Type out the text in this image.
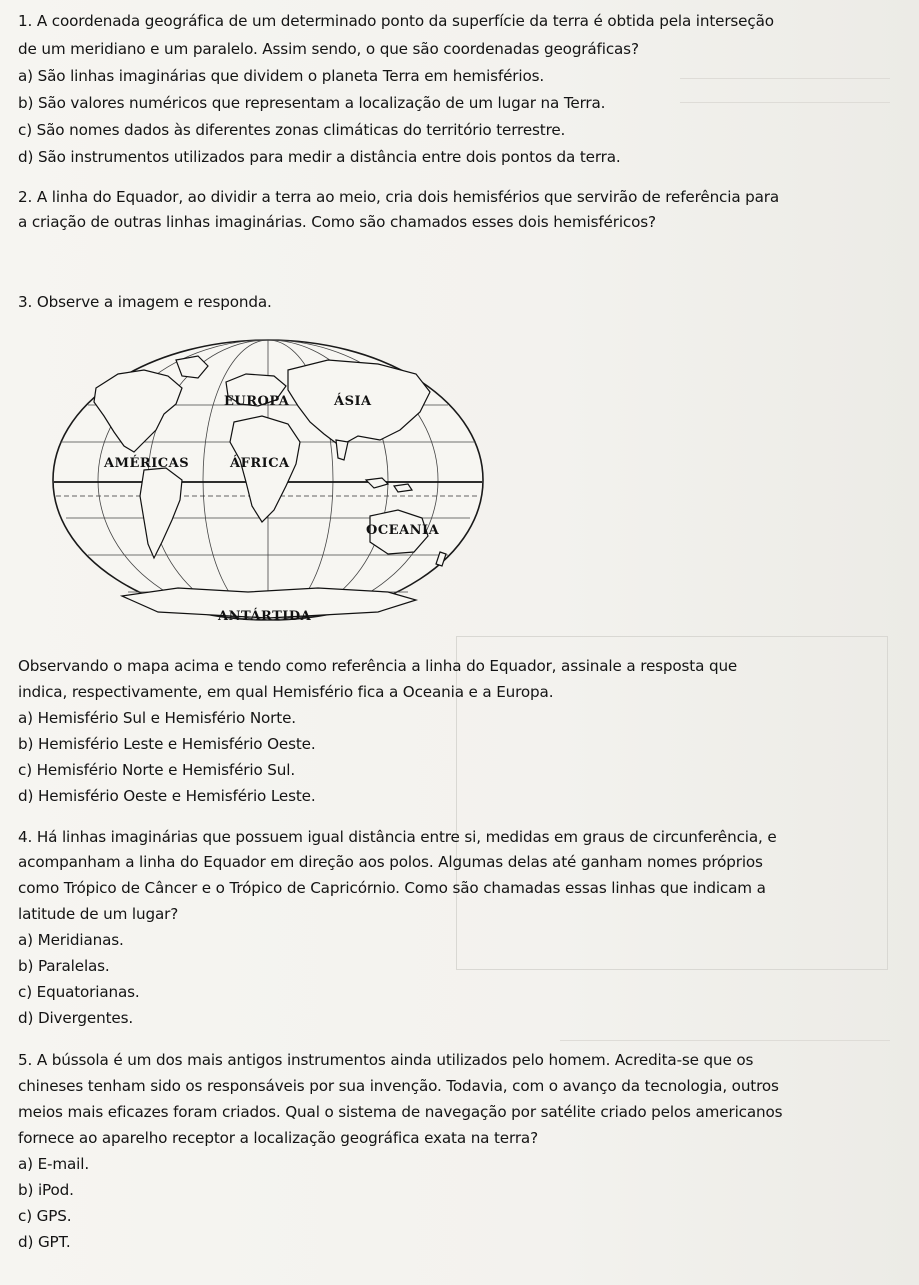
1. A coordenada geográfica de um determinado ponto da superfície da terra é obtida pela interseção
de um meridiano e um paralelo. Assim sendo, o que são coordenadas geográficas?
a) São linhas imaginárias que dividem o planeta Terra em hemisférios.
b) São valores numéricos que representam a localização de um lugar na Terra.
c) São nomes dados às diferentes zonas climáticas do território terrestre.
d) São instrumentos utilizados para medir a distância entre dois pontos da terra.
2. A linha do Equador, ao dividir a terra ao meio, cria dois hemisférios que servirão de referência para
a criação de outras linhas imaginárias. Como são chamados esses dois hemisféricos?
3. Observe a imagem e responda.
EUROPA	ÁSIA
AMÉRICAS	ÁFRICA
OCEANIA
ANTÁRTIDA
Observando o mapa acima e tendo como referência a linha do Equador, assinale a resposta que
indica, respectivamente, em qual Hemisfério fica a Oceania e a Europa.
a) Hemisfério Sul e Hemisfério Norte.
b) Hemisfério Leste e Hemisfério Oeste.
c) Hemisfério Norte e Hemisfério Sul.
d) Hemisfério Oeste e Hemisfério Leste.
4. Há linhas imaginárias que possuem igual distância entre si, medidas em graus de circunferência, e
acompanham a linha do Equador em direção aos polos. Algumas delas até ganham nomes próprios
como Trópico de Câncer e o Trópico de Capricórnio. Como são chamadas essas linhas que indicam a
latitude de um lugar?
a) Meridianas.
b) Paralelas.
c) Equatorianas.
d) Divergentes.
5. A bússola é um dos mais antigos instrumentos ainda utilizados pelo homem. Acredita-se que os
chineses tenham sido os responsáveis por sua invenção. Todavia, com o avanço da tecnologia, outros
meios mais eficazes foram criados. Qual o sistema de navegação por satélite criado pelos americanos
fornece ao aparelho receptor a localização geográfica exata na terra?
a) E-mail.
b) iPod.
c) GPS.
d) GPT.
